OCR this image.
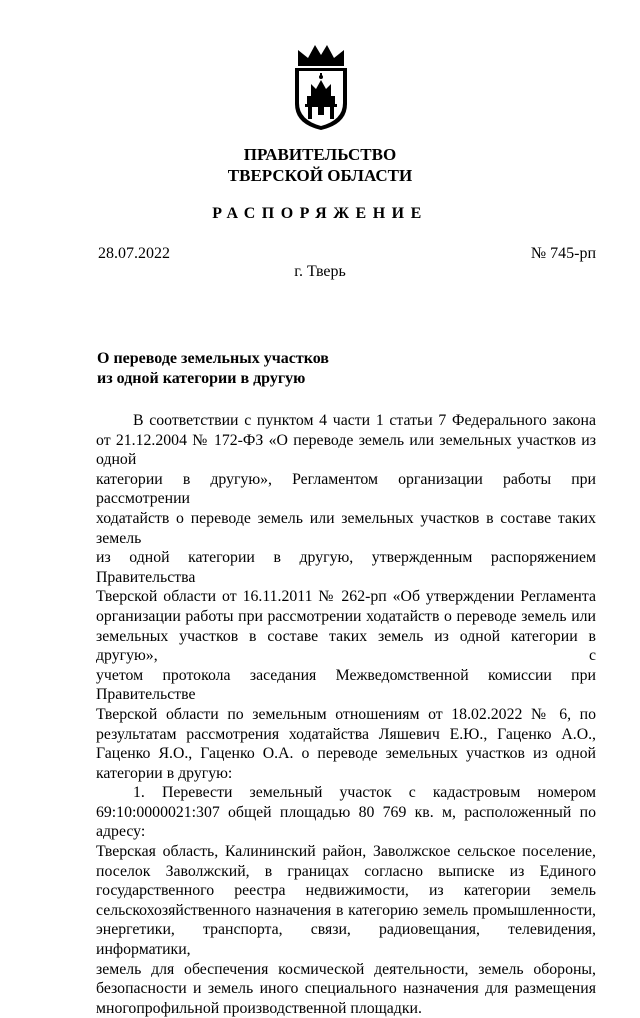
ПРАВИТЕЛЬСТВО
ТВЕРСКОЙ ОБЛАСТИ
РАСПОРЯЖЕНИЕ
28.07.2022	№ 745-рп
г. Тверь
О переводе земельных участков
из одной категории в другую

В соответствии с пунктом 4 части 1 статьи 7 Федерального закона

от 21.12.2004 № 172-ФЗ «О переводе земель или земельных участков из одной

категории в другую», Регламентом организации работы при рассмотрении

ходатайств о переводе земель или земельных участков в составе таких земель

из одной категории в другую, утвержденным распоряжением Правительства

Тверской области от 16.11.2011 № 262-рп «Об утверждении Регламента

организации работы при рассмотрении ходатайств о переводе земель или

земельных участков в составе таких земель из одной категории в другую», с

учетом протокола заседания Межведомственной комиссии при Правительстве

Тверской области по земельным отношениям от 18.02.2022 № 6, по

результатам рассмотрения ходатайства Ляшевич Е.Ю., Гаценко А.О.,

Гаценко Я.О., Гаценко О.А. о переводе земельных участков из одной

категории в другую:

1. Перевести земельный участок с кадастровым номером

69:10:0000021:307 общей площадью 80 769 кв. м, расположенный по адресу:

Тверская область, Калининский район, Заволжское сельское поселение,

поселок Заволжский, в границах согласно выписке из Единого

государственного реестра недвижимости, из категории земель

сельскохозяйственного назначения в категорию земель промышленности,

энергетики, транспорта, связи, радиовещания, телевидения, информатики,

земель для обеспечения космической деятельности, земель обороны,

безопасности и земель иного специального назначения для размещения

многопрофильной производственной площадки.
